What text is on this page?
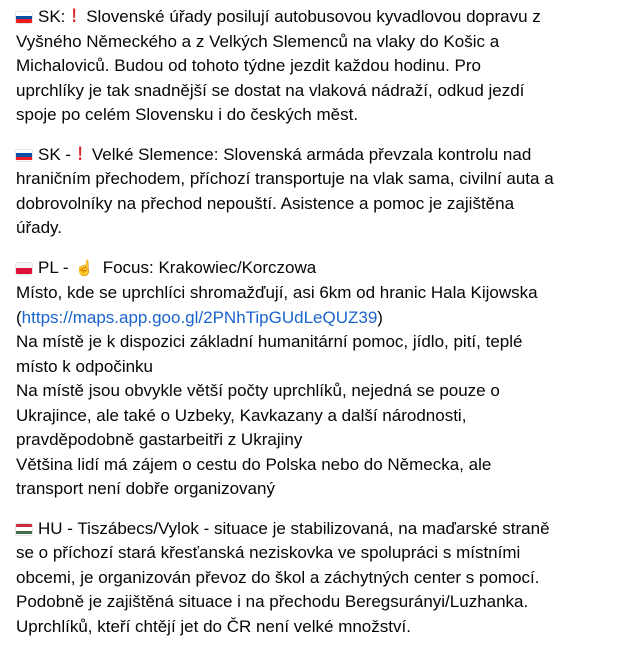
SK: ! Slovenské úřady posilují autobusovou kyvadlovou dopravu z
Vyšného Německého a z Velkých Slemenců na vlaky do Košic a
Michaloviců. Budou od tohoto týdne jezdit každou hodinu. Pro
uprchlíky je tak snadnější se dostat na vlaková nádraží, odkud jezdí
spoje po celém Slovensku i do českých měst.

SK - ! Velké Slemence: Slovenská armáda převzala kontrolu nad
hraničním přechodem, příchozí transportuje na vlak sama, civilní auta a
dobrovolníky na přechod nepouští. Asistence a pomoc je zajištěna
úřady.

PL - ☝️ Focus: Krakowiec/Korczowa
Místo, kde se uprchlíci shromažďují, asi 6km od hranic Hala Kijowska
(https://maps.app.goo.gl/2PNhTipGUdLeQUZ39)
Na místě je k dispozici základní humanitární pomoc, jídlo, pití, teplé
místo k odpočinku
Na místě jsou obvykle větší počty uprchlíků, nejedná se pouze o
Ukrajince, ale také o Uzbeky, Kavkazany a další národnosti,
pravděpodobně gastarbeitři z Ukrajiny
Většina lidí má zájem o cestu do Polska nebo do Německa, ale
transport není dobře organizovaný

HU - Tiszábecs/Vylok - situace je stabilizovaná, na maďarské straně
se o příchozí stará křesťanská neziskovka ve spolupráci s místními
obcemi, je organizován převoz do škol a záchytných center s pomocí.
Podobně je zajištěná situace i na přechodu Beregsurányi/Luzhanka.
Uprchlíků, kteří chtějí jet do ČR není velké množství.
